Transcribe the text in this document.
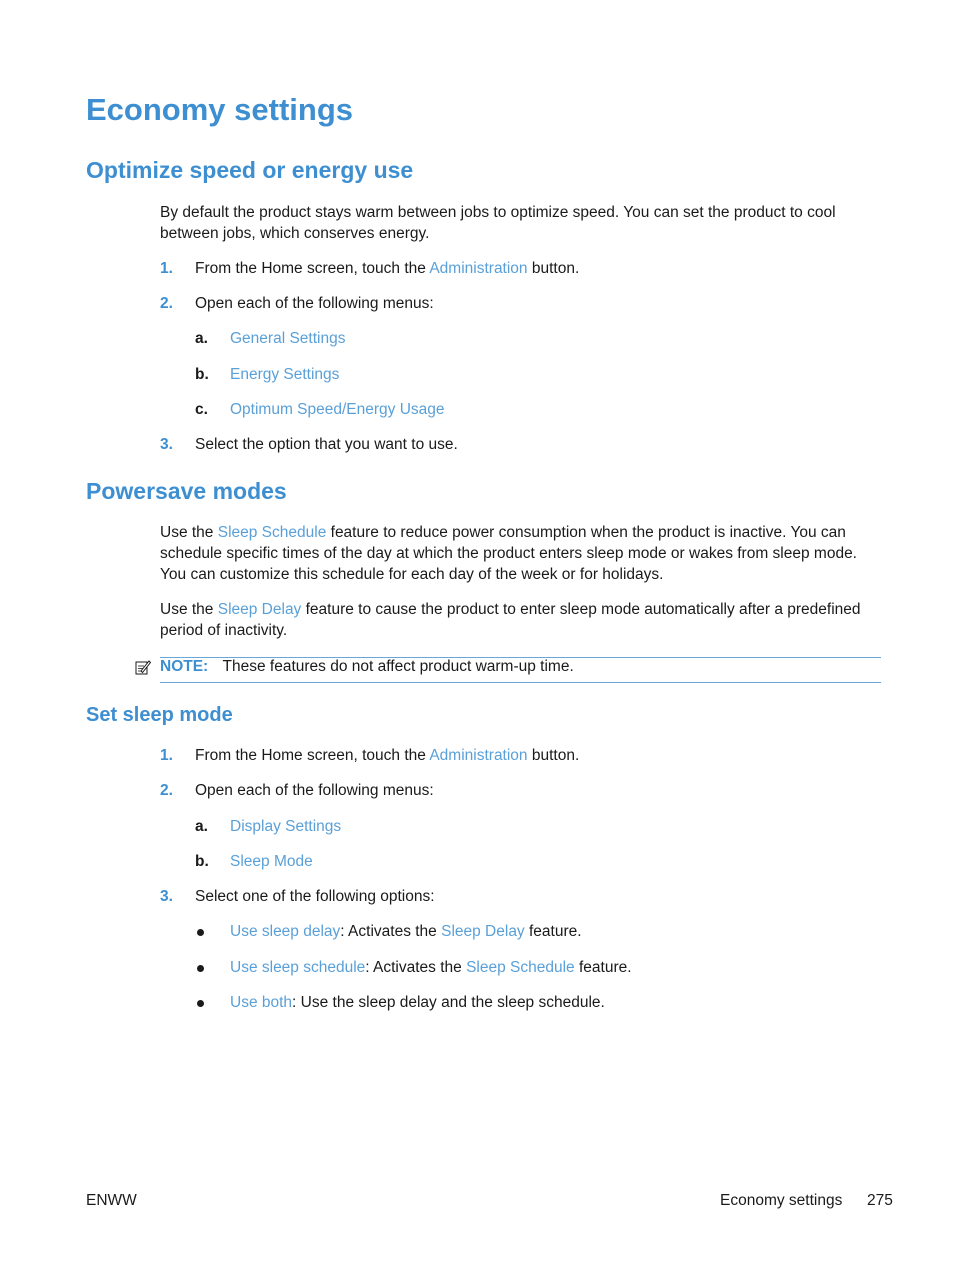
Economy settings
Optimize speed or energy use

By default the product stays warm between jobs to optimize speed. You can set the product to cool between jobs, which conserves energy.

1. From the Home screen, touch the Administration button.
2. Open each of the following menus:
a. General Settings
b. Energy Settings
c. Optimum Speed/Energy Usage
3. Select the option that you want to use.
Powersave modes

Use the Sleep Schedule feature to reduce power consumption when the product is inactive. You can schedule specific times of the day at which the product enters sleep mode or wakes from sleep mode. You can customize this schedule for each day of the week or for holidays.

Use the Sleep Delay feature to cause the product to enter sleep mode automatically after a predefined period of inactivity.

NOTE: These features do not affect product warm-up time.
Set sleep mode
1. From the Home screen, touch the Administration button.
2. Open each of the following menus:
a. Display Settings
b. Sleep Mode
3. Select one of the following options:
Use sleep delay: Activates the Sleep Delay feature.
Use sleep schedule: Activates the Sleep Schedule feature.
Use both: Use the sleep delay and the sleep schedule.
ENWW	Economy settings 275
